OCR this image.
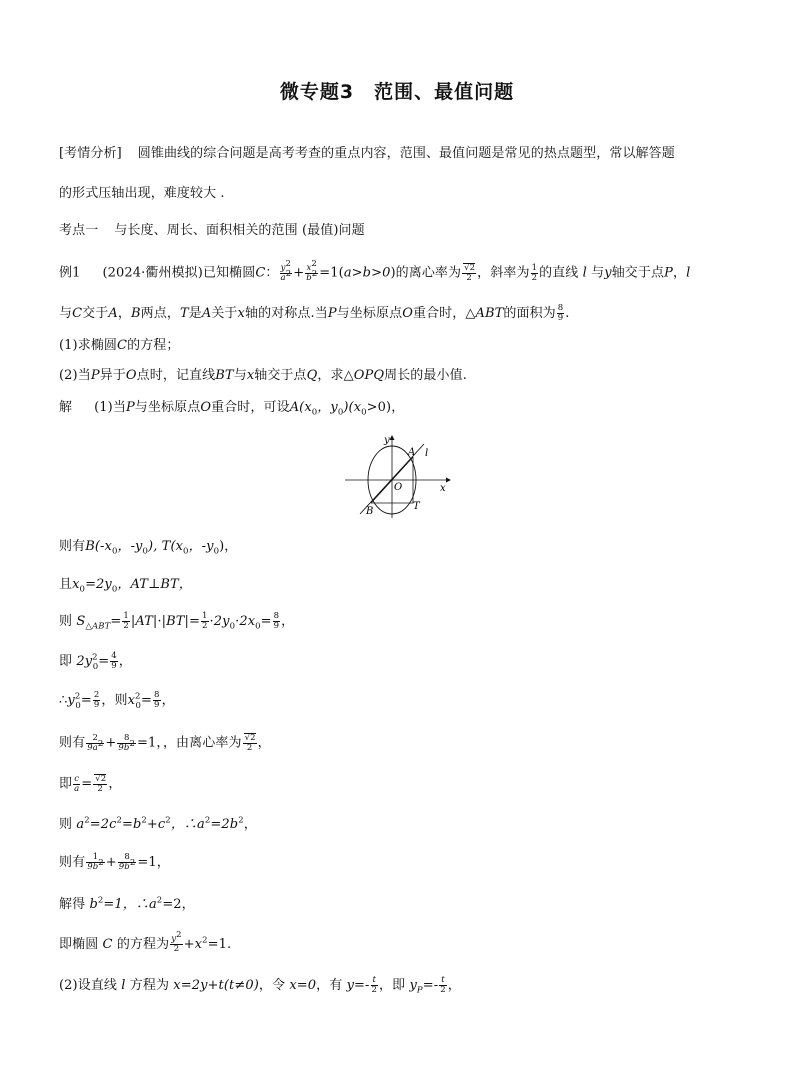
微专题3　范围、最值问题
[考情分析] 圆锥曲线的综合问题是高考考查的重点内容，范围、最值问题是常见的热点题型，常以解答题
的形式压轴出现，难度较大 .
考点一 与长度、周长、面积相关的范围 (最值)问题
例1 (2024·衢州模拟)已知椭圆C： $\frac{y2}{a2} + \frac{x2}{b2} =1(a>b>0)$的离心率为 $\frac{√2}{2}$ ，斜率为 $\frac{1}{2}$ 的直线 l 与y轴交于点P，l
与C交于A，B两点，T是A关于x轴的对称点.当P与坐标原点O重合时，△ABT的面积为 $\frac{8}{9}$ .
(1)求椭圆C的方程；
(2)当P异于O点时，记直线BT与x轴交于点Q，求△OPQ周长的最小值.
解 (1)当P与坐标原点O重合时，可设$A(x_0$，$y_0)(x_0>0)$，
y
x
A l
O
T
B
则有$B(-x_0$，$-y_0$), $T(x_0$，$-y_0$)，
且$x_0=2y_0$，AT⊥BT，
则 $S_{\triangle ABT}= \frac{1}{2} |AT|\cdot|BT|= \frac{1}{2} \cdot 2y_0\cdot 2x_0= \frac{8}{9}$ ，
即 $2y^2_0= \frac{4}{9}$ ，
$\therefore y^2_0= \frac{2}{9}$ ，则$x^2_0= \frac{8}{9}$ ，
则有 $\frac{2}{9a2} + \frac{8}{9b2} =1$，，由离心率为 $\frac{√2}{2}$ ，
即 $\frac{c}{a} = \frac{√2}{2}$ ，
则 $a^2=2c^2=b^2+c^2$，$\therefore a^2=2b^2$，
则有 $\frac{1}{9b2} + \frac{8}{9b2} =1$，
解得 $b^2=1$，$\therefore a^2=2$，
即椭圆 C 的方程为 $\frac{y2}{2} +x^2=1$.
(2)设直线 l 方程为 x=2y+t(t≠0)，令 x=0，有 $y=- \frac{t}{2}$ ，即 $y_P=- \frac{t}{2}$ ，
